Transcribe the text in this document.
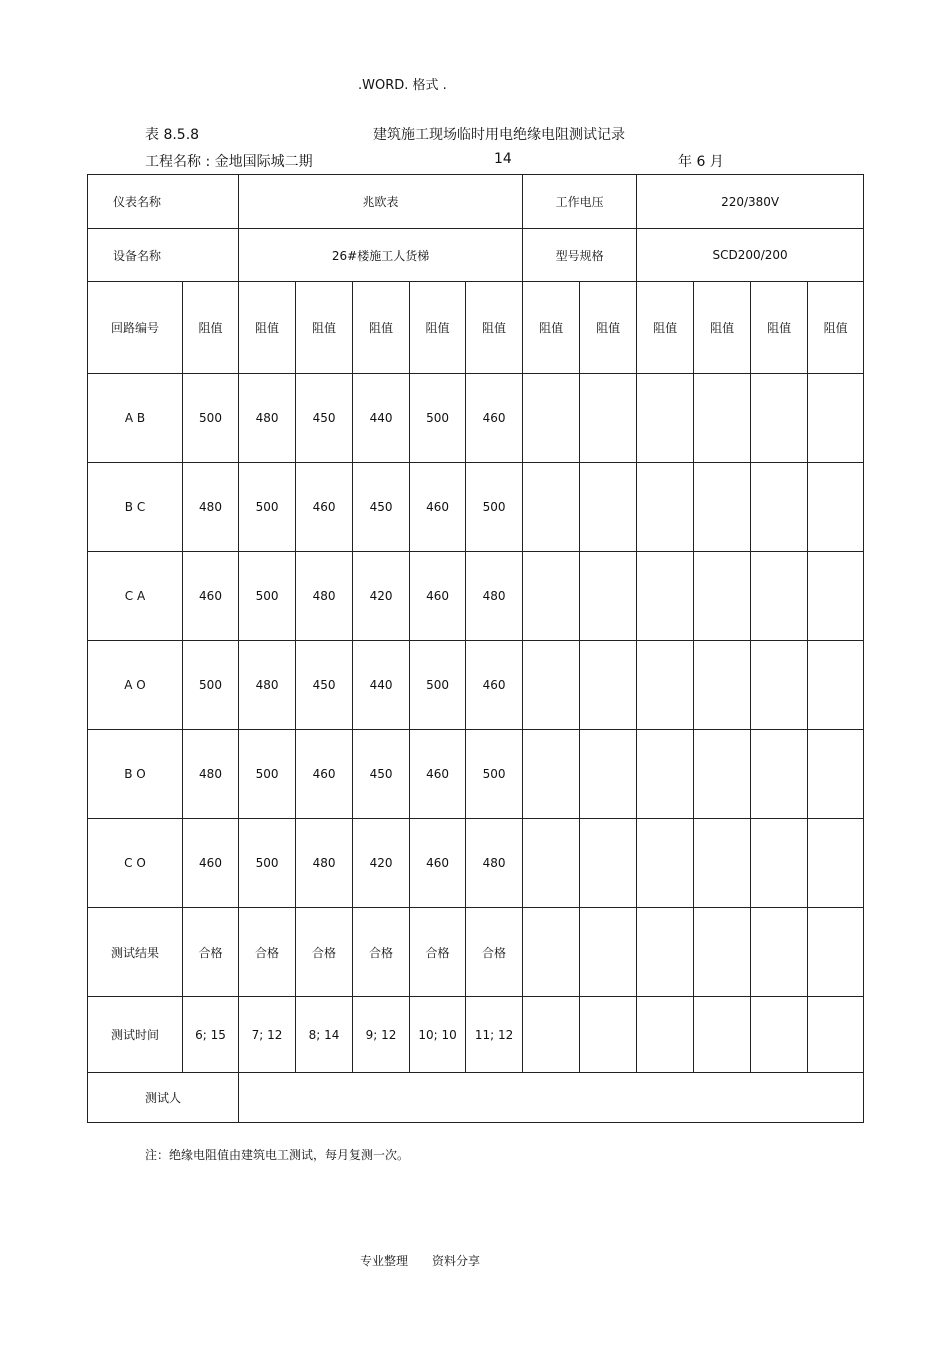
.WORD. 格式 .
表 8.5.8	建筑施工现场临时用电绝缘电阻测试记录
工程名称 : 金地国际城二期	14	年 6 月
仪表名称		兆欧表					工作电压		220/380V			
设备名称		26#楼施工人货梯					型号规格		SCD200/200			
回路编号	阻值	阻值	阻值	阻值	阻值	阻值	阻值	阻值	阻值	阻值	阻值	阻值
A B	500	480	450	440	500	460						
B C	480	500	460	450	460	500						
C A	460	500	480	420	460	480						
A O	500	480	450	440	500	460						
B O	480	500	460	450	460	500						
C O	460	500	480	420	460	480						
测试结果	合格	合格	合格	合格	合格	合格						
测试时间	6; 15	7; 12	8; 14	9; 12	10; 10	11; 12						
测试人												
注：绝缘电阻值由建筑电工测试，每月复测一次。
专业整理 资料分享
